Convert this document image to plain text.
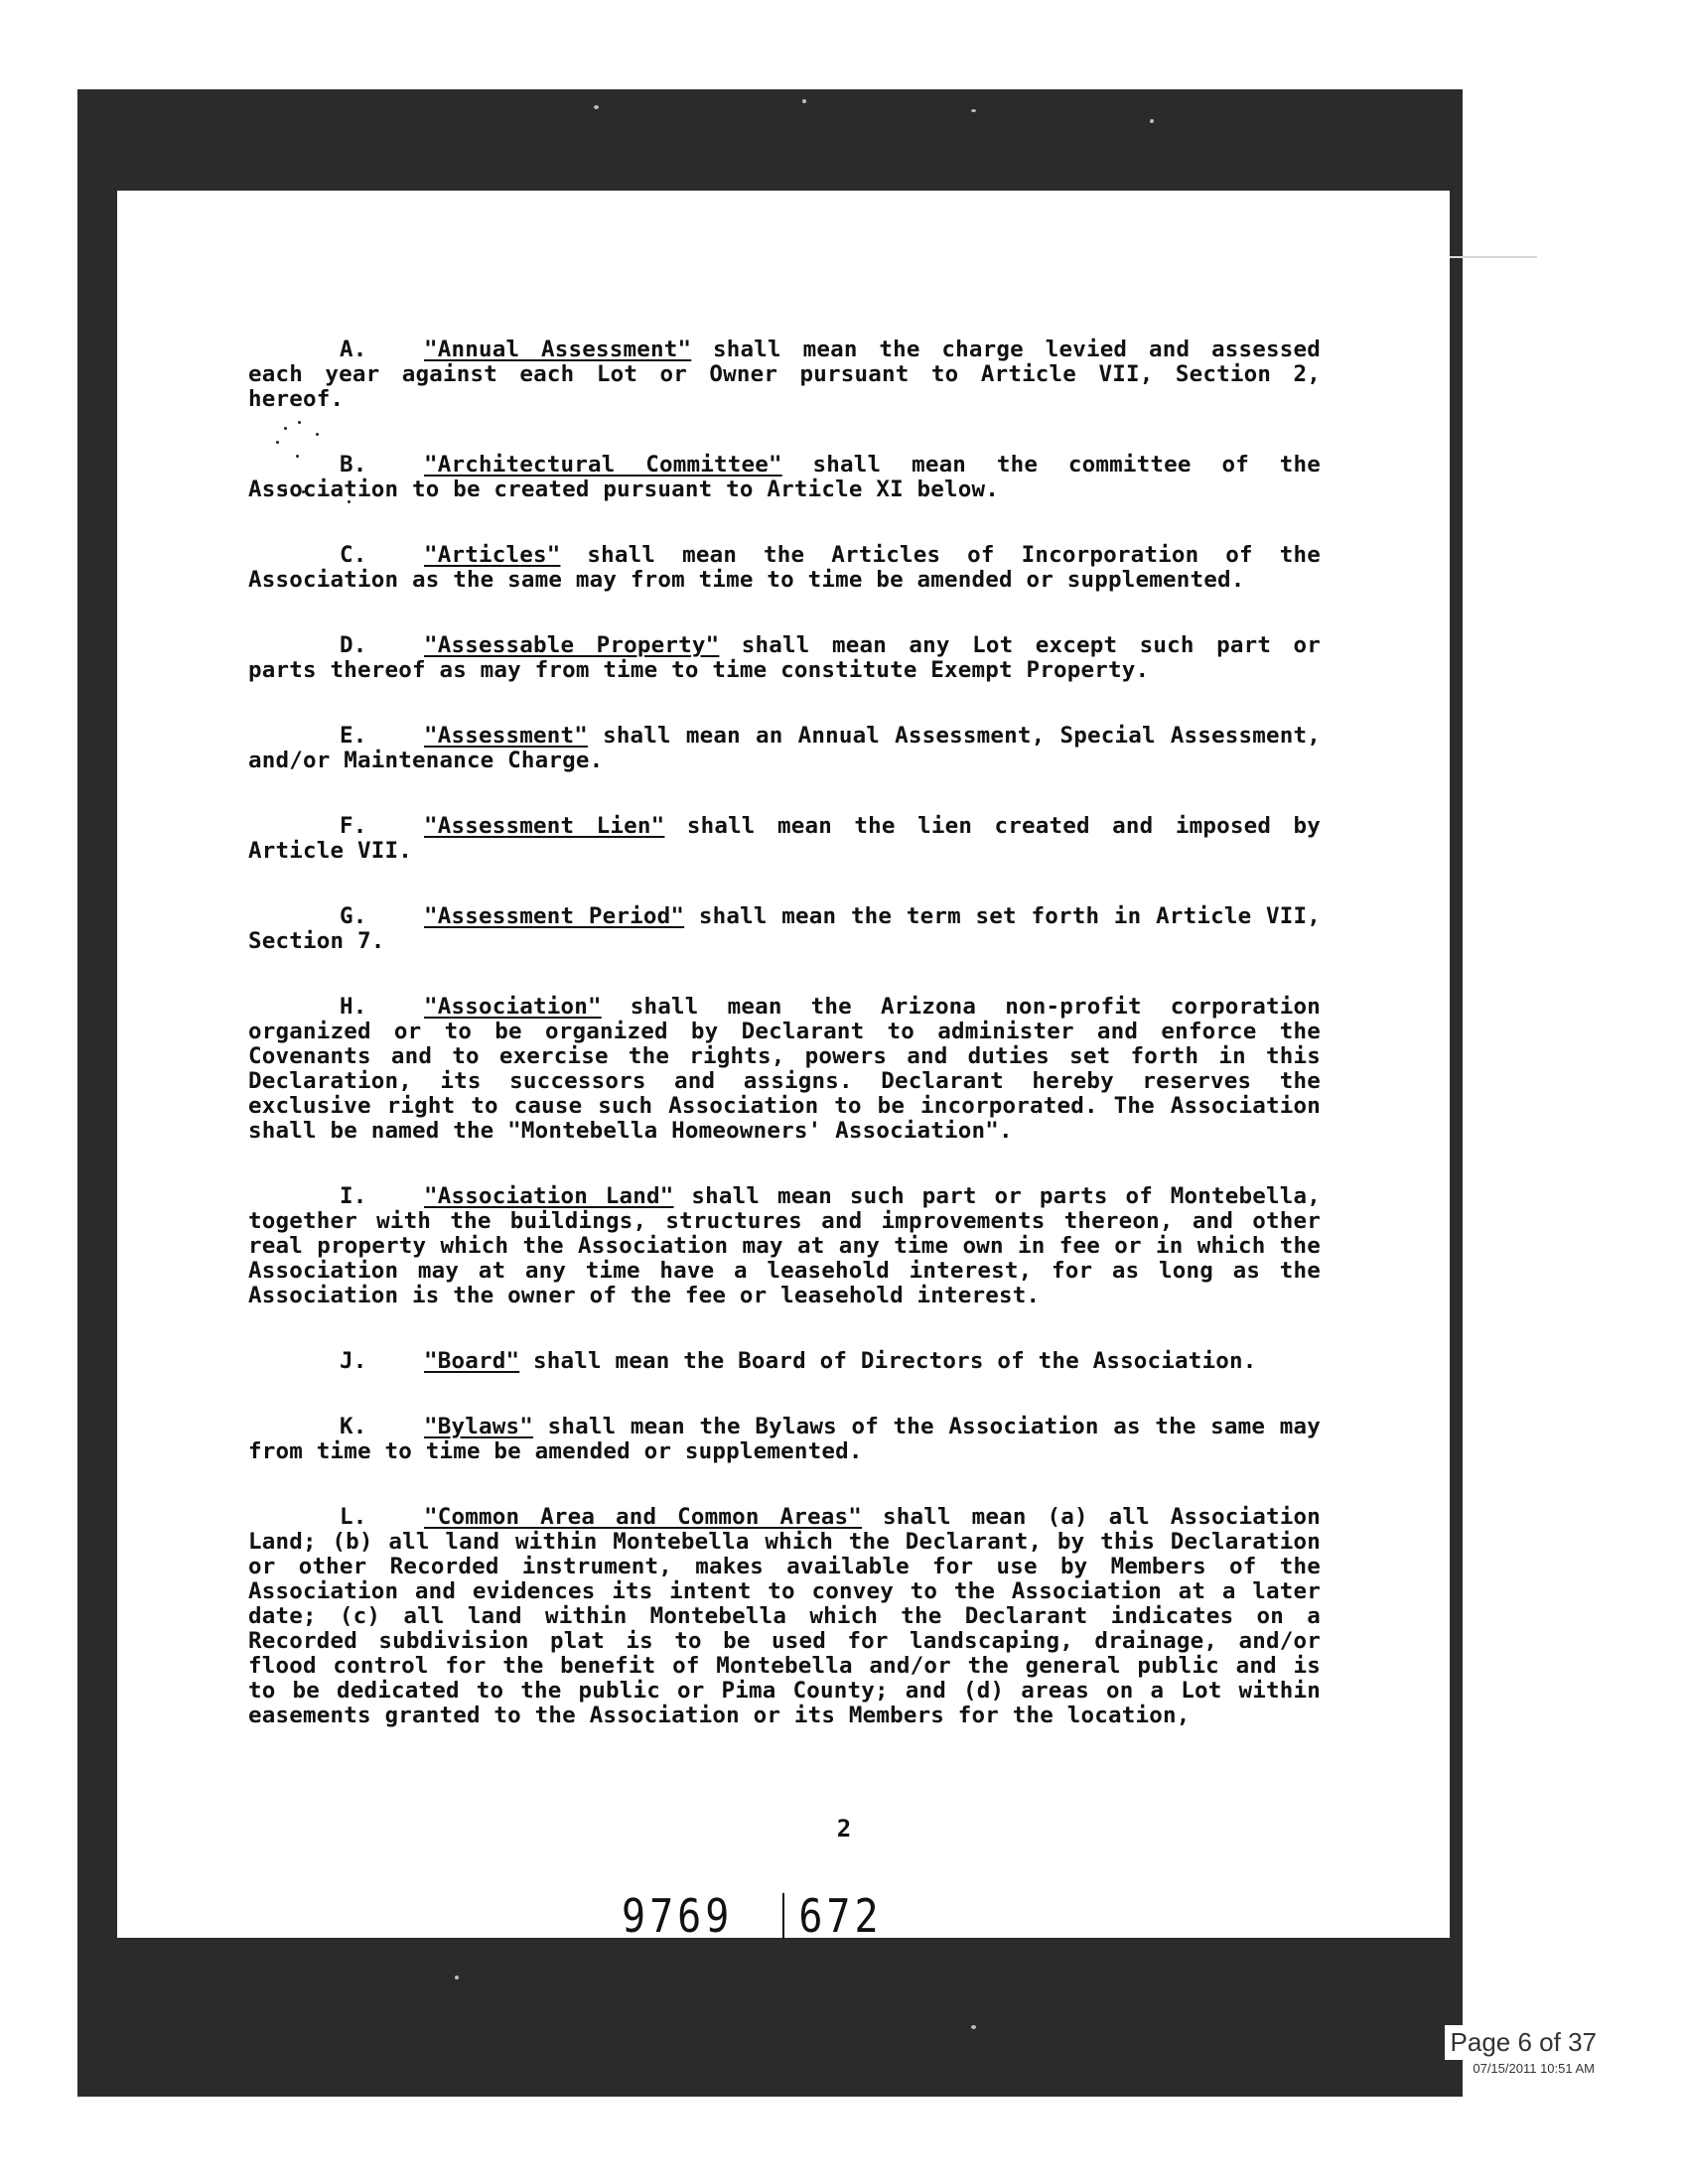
A.	"Annual Assessment" shall mean the charge levied and assessed each year against each Lot or Owner pursuant to Article VII, Section 2, hereof.

B.	"Architectural Committee" shall mean the committee of the Association to be created pursuant to Article XI below.

C.	"Articles" shall mean the Articles of Incorporation of the Association as the same may from time to time be amended or supplemented.

D.	"Assessable Property" shall mean any Lot except such part or parts thereof as may from time to time constitute Exempt Property.

E.	"Assessment" shall mean an Annual Assessment, Special Assessment, and/or Maintenance Charge.

F.	"Assessment Lien" shall mean the lien created and imposed by Article VII.

G.	"Assessment Period" shall mean the term set forth in Article VII, Section 7.

H.	"Association" shall mean the Arizona non-profit corporation organized or to be organized by Declarant to administer and enforce the Covenants and to exercise the rights, powers and duties set forth in this Declaration, its successors and assigns. Declarant hereby reserves the exclusive right to cause such Association to be incorporated. The Association shall be named the "Montebella Homeowners' Association".

I.	"Association Land" shall mean such part or parts of Montebella, together with the buildings, structures and improvements thereon, and other real property which the Association may at any time own in fee or in which the Association may at any time have a leasehold interest, for as long as the Association is the owner of the fee or leasehold interest.

J.	"Board" shall mean the Board of Directors of the Association.

K.	"Bylaws" shall mean the Bylaws of the Association as the same may from time to time be amended or supplemented.

L.	"Common Area and Common Areas" shall mean (a) all Association Land; (b) all land within Montebella which the Declarant, by this Declaration or other Recorded instrument, makes available for use by Members of the Association and evidences its intent to convey to the Association at a later date; (c) all land within Montebella which the Declarant indicates on a Recorded subdivision plat is to be used for landscaping, drainage, and/or flood control for the benefit of Montebella and/or the general public and is to be dedicated to the public or Pima County; and (d) areas on a Lot within easements granted to the Association or its Members for the location,

2
9769 672
Page 6 of 37
07/15/2011 10:51 AM
